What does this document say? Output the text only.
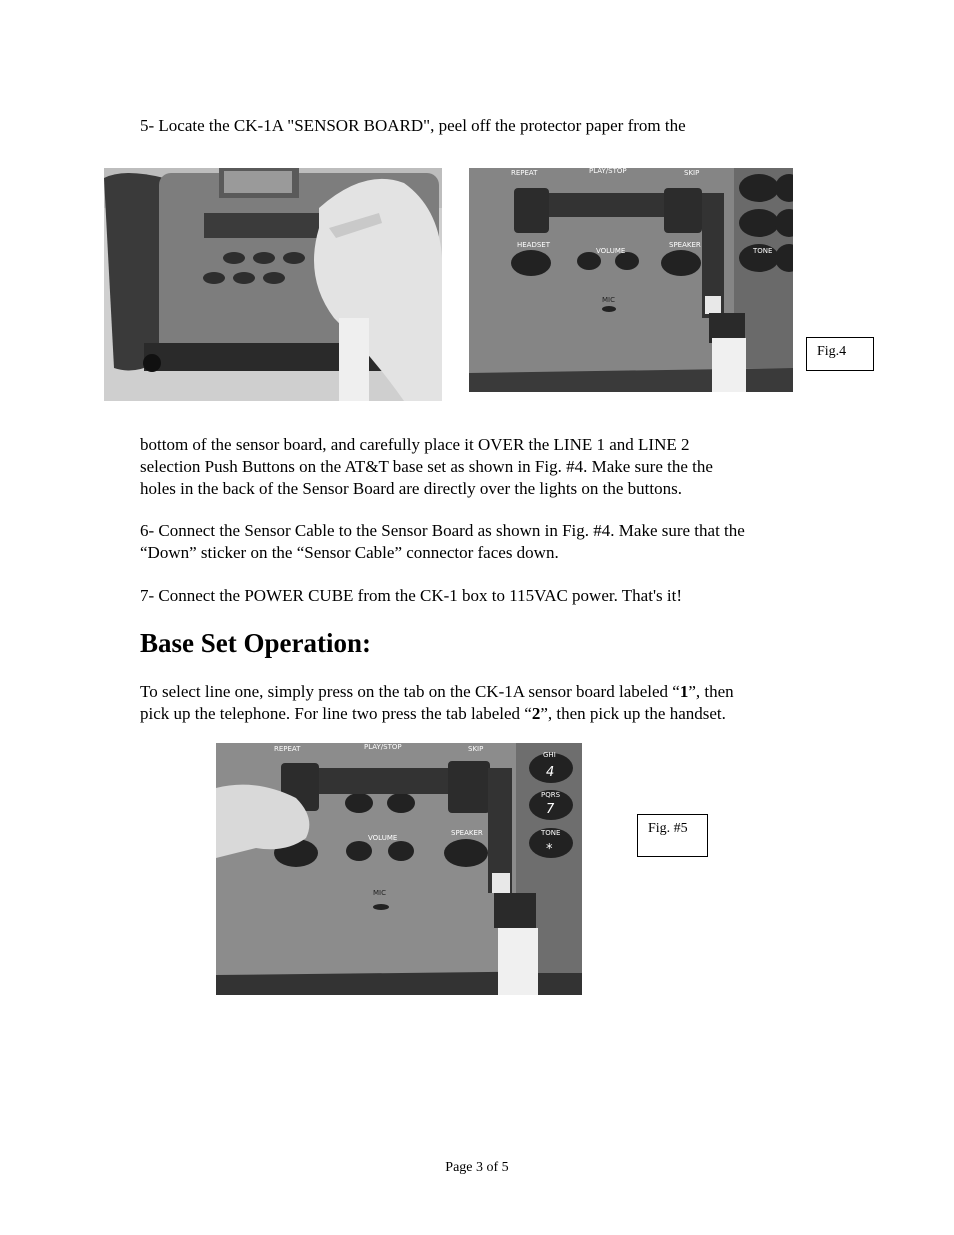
5- Locate the CK-1A "SENSOR BOARD", peel off the protector paper from the
REPEAT	PLAY/STOP	SKIP
HEADSET
VOLUME
SPEAKER
MIC
TONE
Fig.4
bottom of the sensor board, and carefully place it OVER the LINE 1 and LINE 2
selection Push Buttons on the AT&T base set as shown in Fig. #4. Make sure the the
holes in the back of the Sensor Board are directly over the lights on the buttons.
6- Connect the Sensor Cable to the Sensor Board as shown in Fig. #4. Make sure that the
“Down” sticker on the “Sensor Cable” connector faces down.
7- Connect the POWER CUBE from the CK-1 box to 115VAC power. That's it!
Base Set Operation:
To select line one, simply press on the tab on the CK-1A sensor board labeled “1”, then
pick up the telephone. For line two press the tab labeled “2”, then pick up the handset.
REPEAT	PLAY/STOP	SKIP
VOLUME
SPEAKER
MIC
GHI
PQRS
TONE
4
7
*
Fig. #5
Page 3 of 5
